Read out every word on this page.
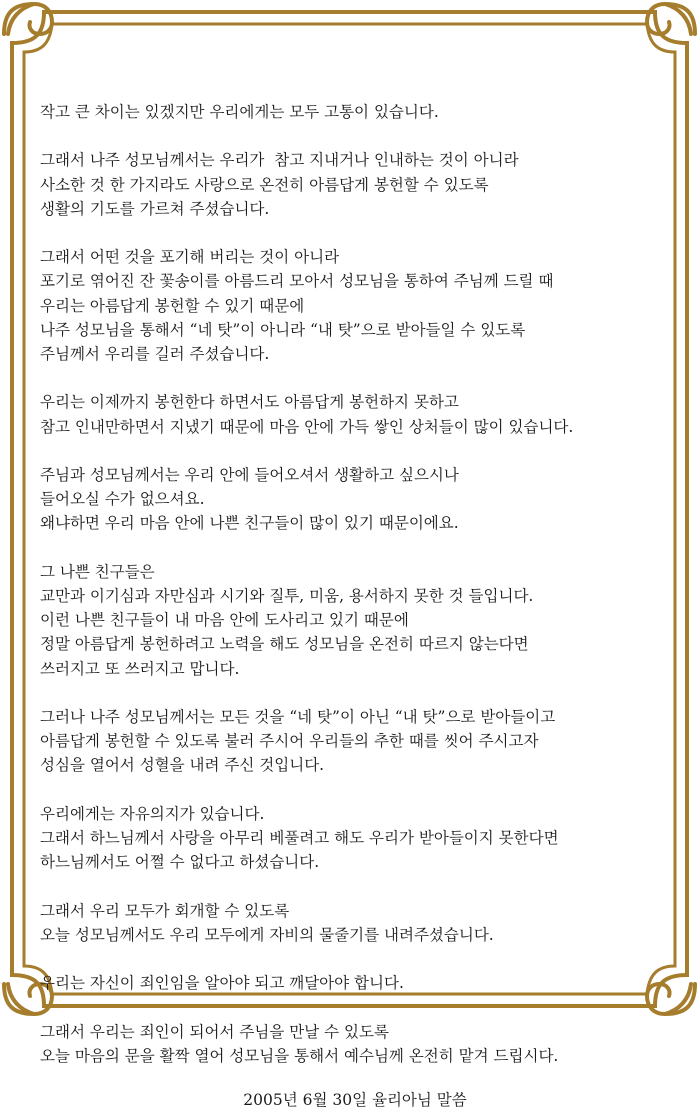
작고 큰 차이는 있겠지만 우리에게는 모두 고통이 있습니다.
그래서 나주 성모님께서는 우리가  참고 지내거나 인내하는 것이 아니라
사소한 것 한 가지라도 사랑으로 온전히 아름답게 봉헌할 수 있도록
생활의 기도를 가르쳐 주셨습니다.
그래서 어떤 것을 포기해 버리는 것이 아니라
포기로 엮어진 잔 꽃송이를 아름드리 모아서 성모님을 통하여 주님께 드릴 때
우리는 아름답게 봉헌할 수 있기 때문에
나주 성모님을 통해서 “네 탓”이 아니라 “내 탓”으로 받아들일 수 있도록
주님께서 우리를 길러 주셨습니다.
우리는 이제까지 봉헌한다 하면서도 아름답게 봉헌하지 못하고
참고 인내만하면서 지냈기 때문에 마음 안에 가득 쌓인 상처들이 많이 있습니다.
주님과 성모님께서는 우리 안에 들어오셔서 생활하고 싶으시나
들어오실 수가 없으셔요.
왜냐하면 우리 마음 안에 나쁜 친구들이 많이 있기 때문이에요.
그 나쁜 친구들은
교만과 이기심과 자만심과 시기와 질투, 미움, 용서하지 못한 것 들입니다.
이런 나쁜 친구들이 내 마음 안에 도사리고 있기 때문에
정말 아름답게 봉헌하려고 노력을 해도 성모님을 온전히 따르지 않는다면
쓰러지고 또 쓰러지고 맙니다.
그러나 나주 성모님께서는 모든 것을 “네 탓”이 아닌 “내 탓”으로 받아들이고
아름답게 봉헌할 수 있도록 불러 주시어 우리들의 추한 때를 씻어 주시고자
성심을 열어서 성혈을 내려 주신 것입니다.
우리에게는 자유의지가 있습니다.
그래서 하느님께서 사랑을 아무리 베풀려고 해도 우리가 받아들이지 못한다면
하느님께서도 어쩔 수 없다고 하셨습니다.
그래서 우리 모두가 회개할 수 있도록
오늘 성모님께서도 우리 모두에게 자비의 물줄기를 내려주셨습니다.
우리는 자신이 죄인임을 알아야 되고 깨달아야 합니다.
그래서 우리는 죄인이 되어서 주님을 만날 수 있도록
오늘 마음의 문을 활짝 열어 성모님을 통해서 예수님께 온전히 맡겨 드립시다.
2005년 6월 30일 율리아님 말씀
